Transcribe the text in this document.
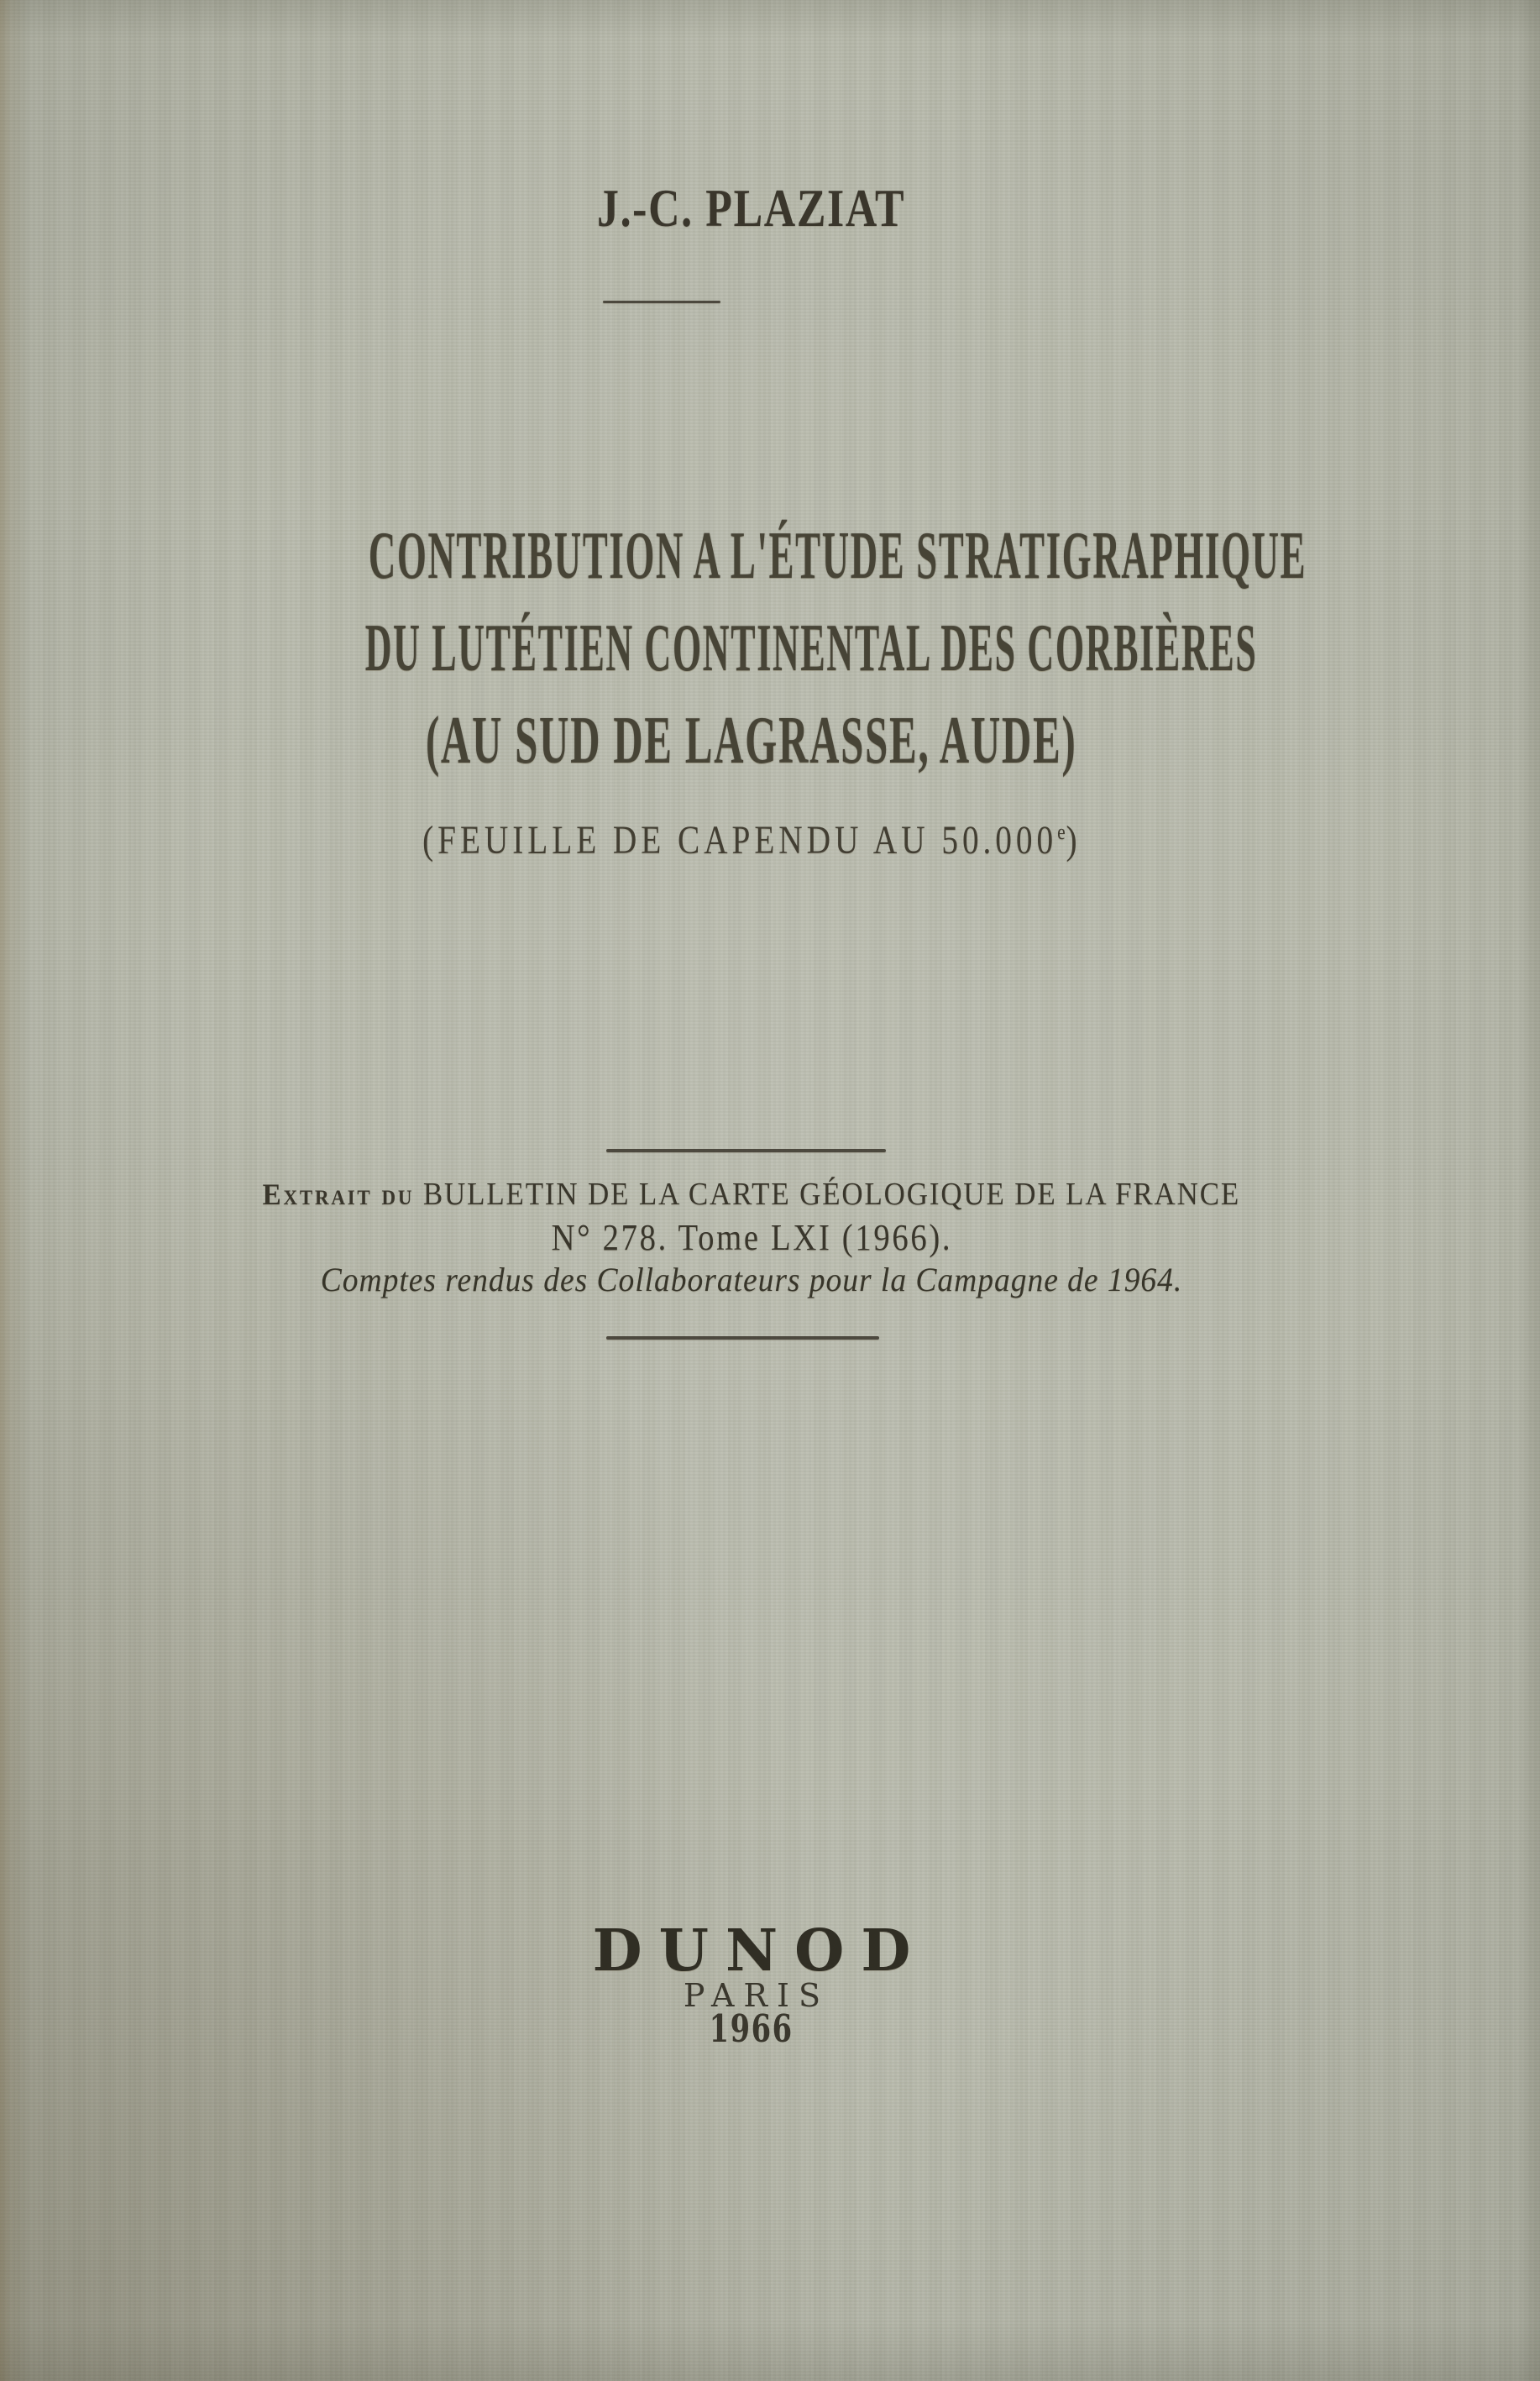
J.-C. PLAZIAT
CONTRIBUTION A L'ÉTUDE STRATIGRAPHIQUE
DU LUTÉTIEN CONTINENTAL DES CORBIÈRES
(AU SUD DE LAGRASSE, AUDE)
(FEUILLE DE CAPENDU AU 50.000e)
Extrait du BULLETIN DE LA CARTE GÉOLOGIQUE DE LA FRANCE
N° 278. Tome LXI (1966).
Comptes rendus des Collaborateurs pour la Campagne de 1964.
DUNOD
PARIS
1966
